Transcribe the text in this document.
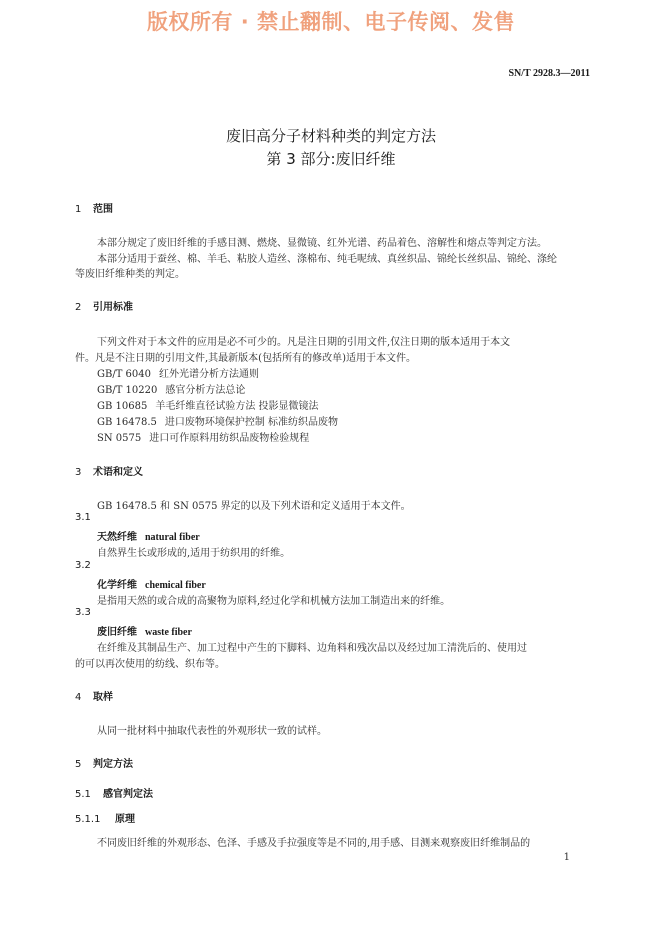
版权所有 · 禁止翻制、电子传阅、发售
SN/T 2928.3—2011
废旧高分子材料种类的判定方法
第 3 部分:废旧纤维
1 范围
本部分规定了废旧纤维的手感目测、燃烧、显微镜、红外光谱、药品着色、溶解性和熔点等判定方法。
本部分适用于蚕丝、棉、羊毛、粘胶人造丝、涤棉布、纯毛呢绒、真丝织品、锦纶长丝织品、锦纶、涤纶
等废旧纤维种类的判定。
2 引用标准
下列文件对于本文件的应用是必不可少的。凡是注日期的引用文件,仅注日期的版本适用于本文
件。凡是不注日期的引用文件,其最新版本(包括所有的修改单)适用于本文件。
GB/T 6040 红外光谱分析方法通则
GB/T 10220 感官分析方法总论
GB 10685 羊毛纤维直径试验方法 投影显微镜法
GB 16478.5 进口废物环境保护控制 标准纺织品废物
SN 0575 进口可作原料用纺织品废物检验规程
3 术语和定义
GB 16478.5 和 SN 0575 界定的以及下列术语和定义适用于本文件。
3.1
天然纤维 natural fiber
自然界生长或形成的,适用于纺织用的纤维。
3.2
化学纤维 chemical fiber
是指用天然的或合成的高聚物为原料,经过化学和机械方法加工制造出来的纤维。
3.3
废旧纤维 waste fiber
在纤维及其制品生产、加工过程中产生的下脚料、边角料和残次品以及经过加工清洗后的、使用过
的可以再次使用的纺线、织布等。
4 取样
从同一批材料中抽取代表性的外观形状一致的试样。
5 判定方法
5.1 感官判定法
5.1.1 原理
不同废旧纤维的外观形态、色泽、手感及手拉强度等是不同的,用手感、目测来观察废旧纤维制品的
1
